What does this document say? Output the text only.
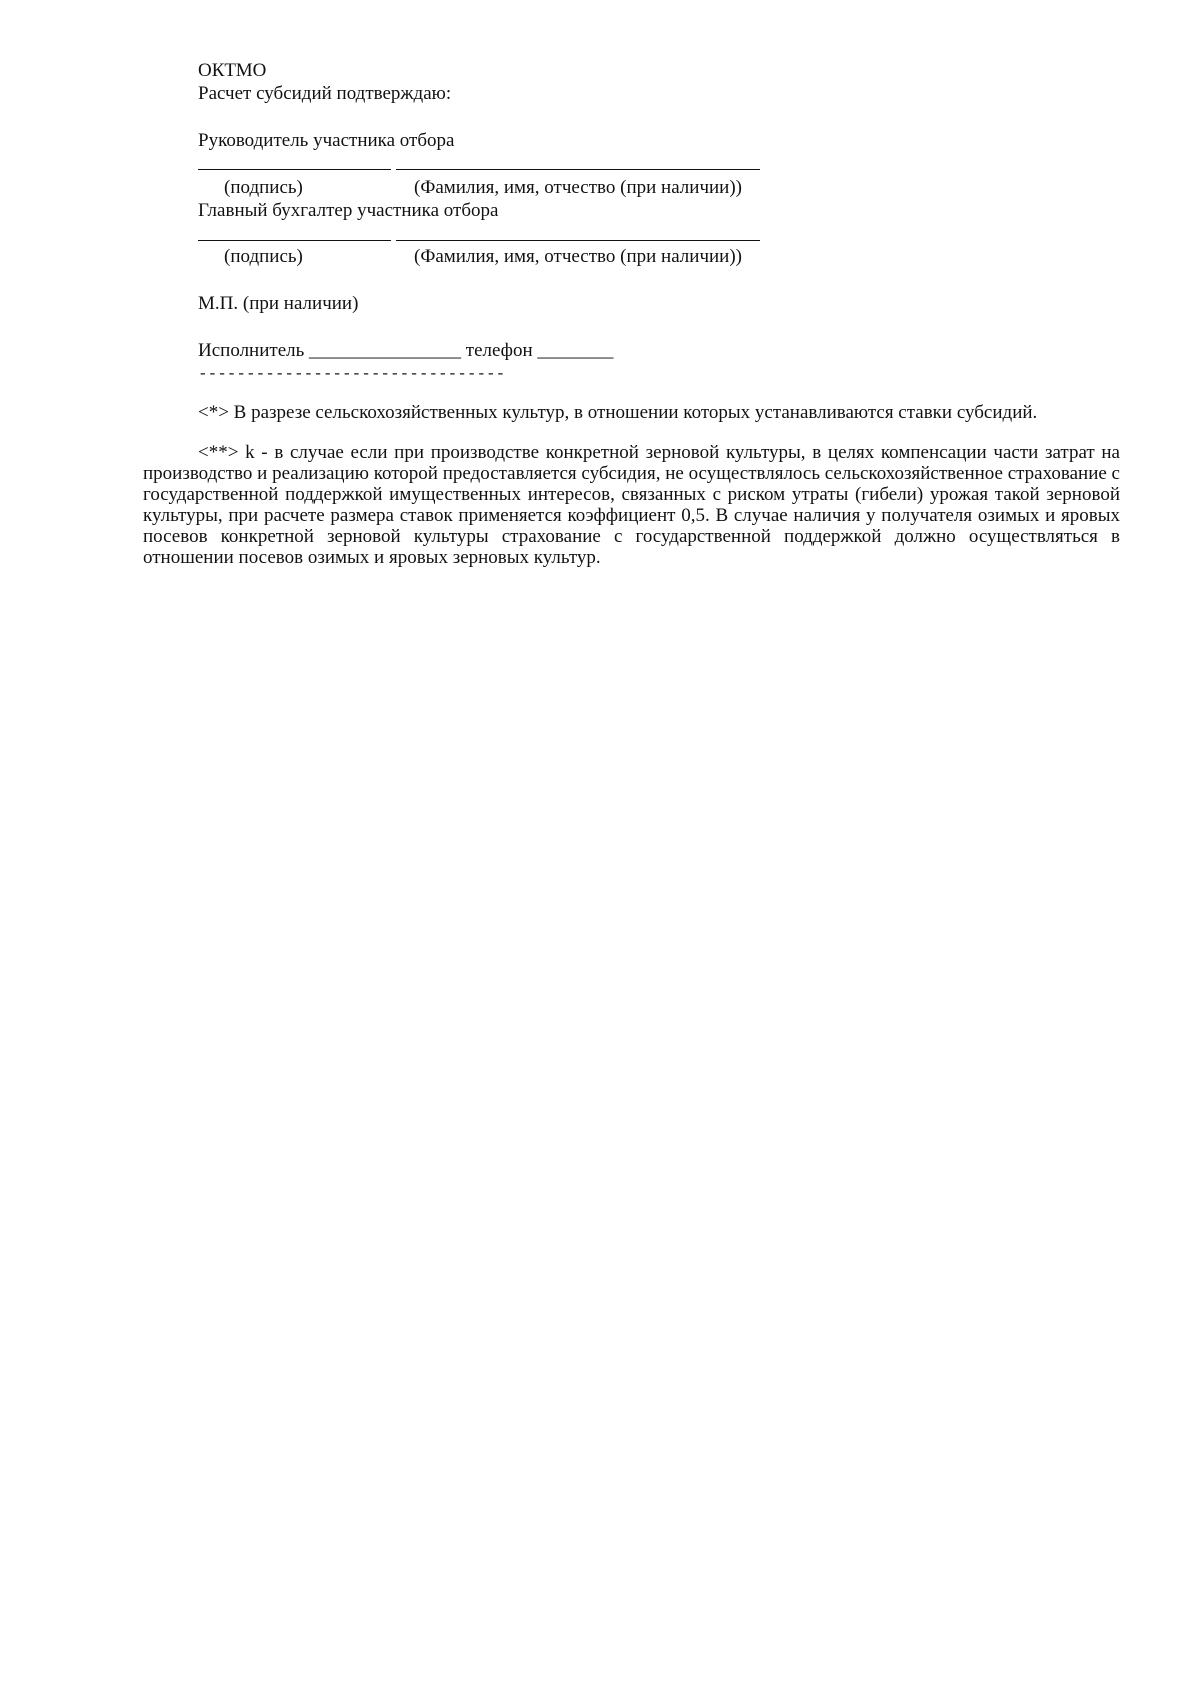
ОКТМО
Расчет субсидий подтверждаю:
Руководитель участника отбора
(подпись)	(Фамилия, имя, отчество (при наличии))
Главный бухгалтер участника отбора
(подпись)	(Фамилия, имя, отчество (при наличии))
М.П. (при наличии)
Исполнитель ________________ телефон ________
--------------------------------
<*> В разрезе сельскохозяйственных культур, в отношении которых устанавливаются ставки субсидий.
<**> k - в случае если при производстве конкретной зерновой культуры, в целях компенсации части затрат на производство и реализацию которой предоставляется субсидия, не осуществлялось сельскохозяйственное страхование с государственной поддержкой имущественных интересов, связанных с риском утраты (гибели) урожая такой зерновой культуры, при расчете размера ставок применяется коэффициент 0,5. В случае наличия у получателя озимых и яровых посевов конкретной зерновой культуры страхование с государственной поддержкой должно осуществляться в отношении посевов озимых и яровых зерновых культур.
